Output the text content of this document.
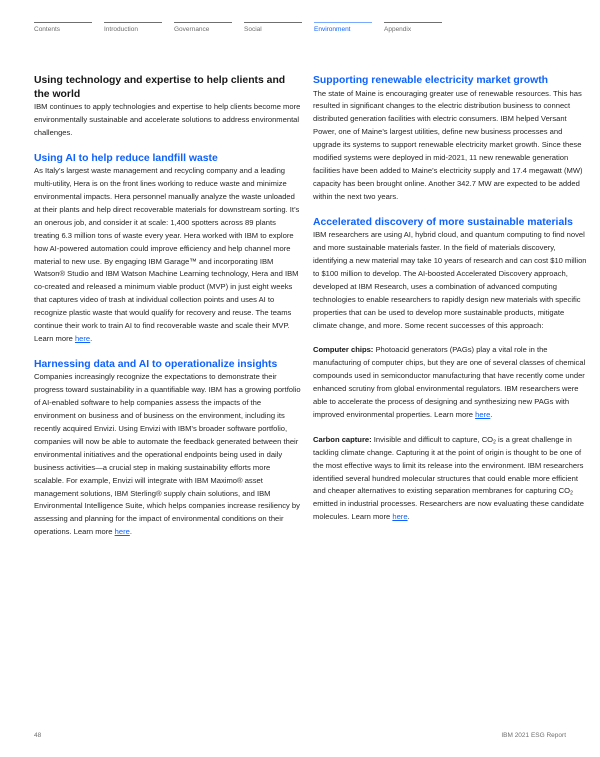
Contents	Introduction	Governance	Social	Environment	Appendix
Using technology and expertise to help clients and the world

IBM continues to apply technologies and expertise to help clients become more environmentally sustainable and accelerate solutions to address environmental challenges.

Using AI to help reduce landfill waste

As Italy’s largest waste management and recycling company and a leading multi-utility, Hera is on the front lines working to reduce waste and minimize environmental impacts. Hera personnel manually analyze the waste unloaded at their plants and help direct recoverable materials for downstream sorting. It’s an onerous job, and consider it at scale: 1,400 spotters across 89 plants treating 6.3 million tons of waste every year. Hera worked with IBM to explore how AI-powered automation could improve efficiency and help channel more material to new use. By engaging IBM Garage™ and incorporating IBM Watson® Studio and IBM Watson Machine Learning technology, Hera and IBM co-created and released a minimum viable product (MVP) in just eight weeks that captures video of trash at individual collection points and uses AI to recognize plastic waste that would qualify for recovery and reuse. The teams continue their work to train AI to find recoverable waste and scale their MVP. Learn more here.

Harnessing data and AI to operationalize insights

Companies increasingly recognize the expectations to demonstrate their progress toward sustainability in a quantifiable way. IBM has a growing portfolio of AI-enabled software to help companies assess the impacts of the environment on business and of business on the environment, including its recently acquired Envizi. Using Envizi with IBM’s broader software portfolio, companies will now be able to automate the feedback generated between their environmental initiatives and the operational endpoints being used in daily business activities—a crucial step in making sustainability efforts more scalable. For example, Envizi will integrate with IBM Maximo® asset management solutions, IBM Sterling® supply chain solutions, and IBM Environmental Intelligence Suite, which helps companies increase resiliency by assessing and planning for the impact of environmental conditions on their operations. Learn more here.

Supporting renewable electricity market growth

The state of Maine is encouraging greater use of renewable resources. This has resulted in significant changes to the electric distribution business to connect distributed generation facilities with electric consumers. IBM helped Versant Power, one of Maine’s largest utilities, define new business processes and upgrade its systems to support renewable electricity market growth. Since these modified systems were deployed in mid-2021, 11 new renewable generation facilities have been added to Maine’s electricity supply and 17.4 megawatt (MW) capacity has been brought online. Another 342.7 MW are expected to be added within the next two years.

Accelerated discovery of more sustainable materials

IBM researchers are using AI, hybrid cloud, and quantum computing to find novel and more sustainable materials faster. In the field of materials discovery, identifying a new material may take 10 years of research and can cost $10 million to $100 million to develop. The AI-boosted Accelerated Discovery approach, developed at IBM Research, uses a combination of advanced computing technologies to enable researchers to rapidly design new materials with specific properties that can be used to develop more sustainable products, mitigate climate change, and more. Some recent successes of this approach:

Computer chips: Photoacid generators (PAGs) play a vital role in the manufacturing of computer chips, but they are one of several classes of chemical compounds used in semiconductor manufacturing that have recently come under enhanced scrutiny from global environmental regulators. IBM researchers were able to accelerate the process of designing and synthesizing new PAGs with improved environmental properties. Learn more here.

Carbon capture: Invisible and difficult to capture, $CO_2$ is a great challenge in tackling climate change. Capturing it at the point of origin is thought to be one of the most effective ways to limit its release into the environment. IBM researchers identified several hundred molecular structures that could enable more efficient and cheaper alternatives to existing separation membranes for capturing $CO_2$ emitted in industrial processes. Researchers are now evaluating these candidate molecules. Learn more here.

48	IBM 2021 ESG Report
